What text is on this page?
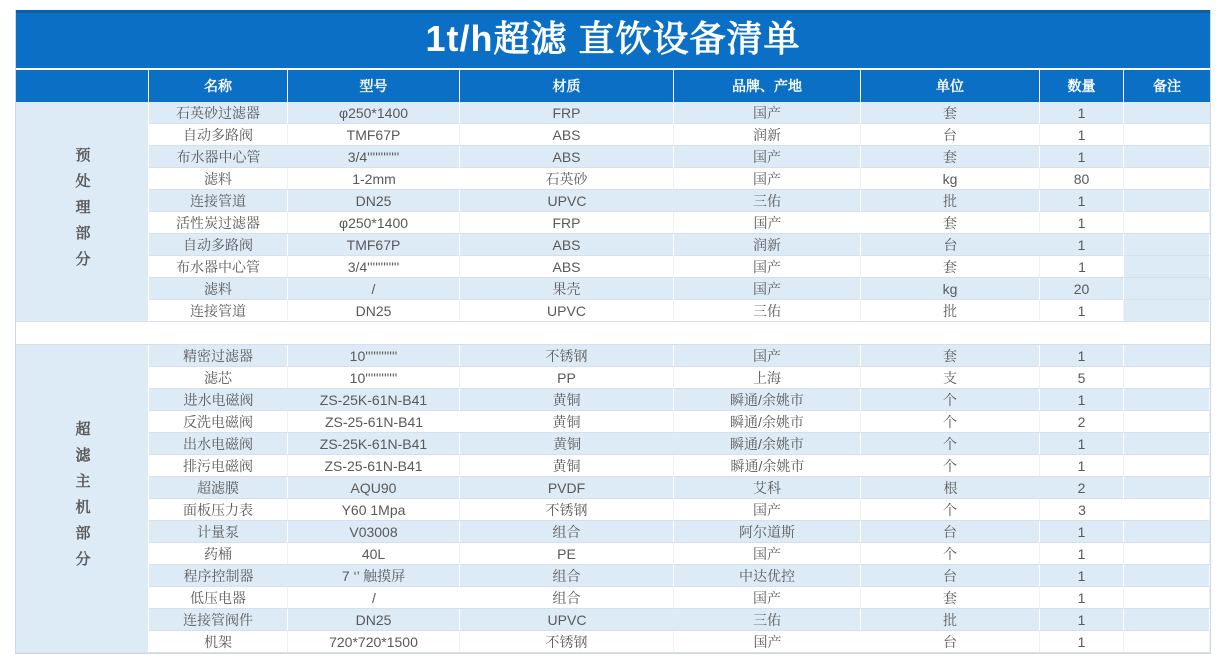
1t/h超滤 直饮设备清单
名称	型号	材质	品牌、产地	单位	数量	备注
预处理部分
石英砂过滤器	φ250*1400	FRP	国产	套	1
自动多路阀	TMF67P	ABS	润新	台	1
布水器中心管	3/4''''''''''''	ABS	国产	套	1
滤料	1-2mm	石英砂	国产	kg	80
连接管道	DN25	UPVC	三佑	批	1
活性炭过滤器	φ250*1400	FRP	国产	套	1
自动多路阀	TMF67P	ABS	润新	台	1
布水器中心管	3/4''''''''''''	ABS	国产	套	1
滤料	/	果壳	国产	kg	20
连接管道	DN25	UPVC	三佑	批	1
超滤主机部分
精密过滤器	10''''''''''''	不锈钢	国产	套	1
滤芯	10''''''''''''	PP	上海	支	5
进水电磁阀	ZS-25K-61N-B41	黄铜	瞬通/余姚市	个	1
反洗电磁阀	ZS-25-61N-B41	黄铜	瞬通/余姚市	个	2
出水电磁阀	ZS-25K-61N-B41	黄铜	瞬通/余姚市	个	1
排污电磁阀	ZS-25-61N-B41	黄铜	瞬通/余姚市	个	1
超滤膜	AQU90	PVDF	艾科	根	2
面板压力表	Y60 1Mpa	不锈钢	国产	个	3
计量泵	V03008	组合	阿尔道斯	台	1
药桶	40L	PE	国产	个	1
程序控制器	7 ‘’ 触摸屏	组合	中达优控	台	1
低压电器	/	组合	国产	套	1
连接管阀件	DN25	UPVC	三佑	批	1
机架	720*720*1500	不锈钢	国产	台	1
